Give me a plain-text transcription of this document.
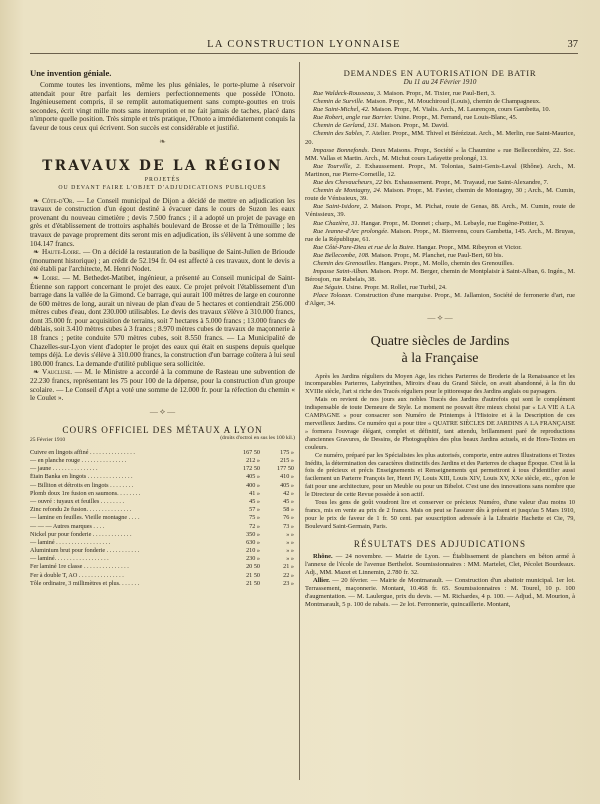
LA CONSTRUCTION LYONNAISE	37
Une invention géniale.
Comme toutes les inventions, même les plus géniales, le porte-plume à réservoir attendait pour être parfait les derniers perfectionnements que possède l'Onoto. Ingénieusement compris, il se remplit automatiquement sans compte-gouttes en trois secondes, écrit vingt mille mots sans interruption et ne fait jamais de taches, placé dans n'importe quelle position. Très simple et très pratique, l'Onoto a immédiatement conquis la faveur de tous ceux qui écrivent. Son succès est considérable et justifié.
❧
TRAVAUX DE LA RÉGION
PROJETÉS
OU DEVANT FAIRE L'OBJET D'ADJUDICATIONS PUBLIQUES
❧ Côte-d'Or. — Le Conseil municipal de Dijon a décidé de mettre en adjudication les travaux de construction d'un égout destiné à évacuer dans le cours de Suzon les eaux provenant du nouveau cimetière ; devis 7.500 francs ; il a adopté un projet de pavage en grès et d'établissement de trottoirs asphaltés boulevard de Brosse et de la Trémouille ; les travaux de pavage proprement dits seront mis en adjudication, ils s'élèvent à une somme de 104.147 francs.
❧ Haute-Loire. — On a décidé la restauration de la basilique de Saint-Julien de Brioude (monument historique) ; an crédit de 52.194 fr. 04 est affecté à ces travaux, dont le devis a été établi par l'architecte, M. Henri Nodet.
❧ Loire. — M. Bethedet-Matibet, ingénieur, a présenté au Conseil municipal de Saint-Étienne son rapport concernant le projet des eaux. Ce projet prévoit l'établissement d'un barrage dans la vallée de la Gimond. Ce barrage, qui aurait 100 mètres de large en couronne de 600 mètres de long, aurait un niveau de plan d'eau de 5 hectares et contiendrait 256.000 mètres cubes d'eau, dont 230.000 utilisables. Le devis des travaux s'élève à 310.000 francs, dont 35.000 fr. pour acquisition de terrains, soit 7 hectares à 5.000 francs ; 13.000 francs de déblais, soit 3.410 mètres cubes à 3 francs ; 8.970 mètres cubes de travaux de maçonnerie à 18 francs ; petite conduite 570 mètres cubes, soit 8.550 francs. — La Municipalité de Chazelles-sur-Lyon vient d'adopter le projet des eaux qui était en suspens depuis quelque temps déjà. Le devis s'élève à 310.000 francs, la construction d'un barrage coûtera à lui seul 180.000 francs. La demande d'utilité publique sera sollicitée.
❧ Vaucluse. — M. le Ministre a accordé à la commune de Rasteau une subvention de 22.230 francs, représentant les 75 pour 100 de la dépense, pour la construction d'un groupe scolaire. — Le Conseil d'Apt a voté une somme de 12.000 fr. pour la réfection du chemin « le Coulet ».
— ⟡ —
COURS OFFICIEL DES MÉTAUX A LYON
25 Février 1910	(droits d'octroi en sus les 100 kil.)
Cuivre en lingots affiné . . . . . . . . . . . . . . .	167 50	175 »
— en planche rouge . . . . . . . . . . . . . . .	212 »	215 »
— jaune . . . . . . . . . . . . . . .	172 50	177 50
Étain Banka en lingots . . . . . . . . . . . . . . .	405 »	410 »
— Billiton et détroits en lingots . . . . . . . .	400 »	405 »
Plomb doux 1re fusion en saumons. . . . . . . .	41 »	42 »
— ouvré : tuyaux et feuilles . . . . . . . .	45 »	45 »
Zinc refondu 2e fusion. . . . . . . . . . . . . . .	57 »	58 »
— lamine en feuilles. Vieille montagne . . . .	75 »	76 »
— — — Autres marques . . . .	72 »	73 »
Nickel pur pour fonderie . . . . . . . . . . . . .	350 »	» »
— laminé . . . . . . . . . . . . . . . . . .	630 »	» »
Aluminium brut pour fonderie . . . . . . . . . . .	210 »	» »
— laminé. . . . . . . . . . . . . . . . . .	230 »	» »
Fer laminé 1re classe . . . . . . . . . . . . . . .	20 50	21 »
Fer à double T, AO . . . . . . . . . . . . . . .	21 50	22 »
Tôle ordinaire, 3 millimètres et plus. . . . . . .	21 50	23 »
DEMANDES EN AUTORISATION DE BATIR
Du 11 au 24 Février 1910
Rue Waldeck-Rousseau, 3. Maison. Propr., M. Tixier, rue Paul-Bert, 3.
Chemin de Surville. Maison. Propr., M. Mouchiroud (Louis), chemin de Champagneux.
Rue Saint-Michel, 42. Maison. Propr., M. Vialis. Arch., M. Laurençon, cours Gambetta, 10.
Rue Robert, angle rue Barrier. Usine. Propr., M. Ferrand, rue Louis-Blanc, 45.
Chemin de Gerland, 131. Maison. Propr., M. David.
Chemin des Sables, 7. Atelier. Propr., MM. Thivel et Bérézizat. Arch., M. Merlin, rue Saint-Maurice, 20.
Impasse Bonnefonds. Deux Maisons. Propr., Société « la Chaumine » rue Bellecordière, 22. Soc. MM. Vallas et Martin. Arch., M. Michut cours Lafayette prolongé, 13.
Rue Tourville, 2. Exhaussement. Propr., M. Tolonias, Saint-Genis-Laval (Rhône). Arch., M. Martinon, rue Pierre-Corneille, 12.
Rue des Chevaucheurs, 22 bis. Exhaussement. Propr., M. Trayaud, rue Saint-Alexandre, 7.
Chemin de Montagny, 24. Maison. Propr., M. Favier, chemin de Montagny, 30 ; Arch., M. Cumin, route de Vénissieux, 39.
Rue Saint-Isidore, 2. Maison. Propr., M. Pichat, route de Genas, 88. Arch., M. Cumin, route de Vénissieux, 39.
Rue Chazière, 31. Hangar. Propr., M. Donnet ; charp., M. Lebayle, rue Eugène-Pottier, 3.
Rue Jeanne-d'Arc prolongée. Maison. Propr., M. Bienvenu, cours Gambetta, 145. Arch., M. Bruyas, rue de la République, 61.
Rue Côté-Pare-Dieu et rue de la Buire. Hangar. Propr., MM. Ribeyron et Victor.
Rue Bellecombe, 108. Maison. Propr., M. Planchet, rue Paul-Bert, 60 bis.
Chemin des Grenouilles. Hangars. Propr., M. Mollo, chemin des Grenouilles.
Impasse Saint-Alban. Maison. Propr. M. Berger, chemin de Montplaisir à Saint-Alban, 6. Ingén., M. Béroujon, rue Rabelais, 38.
Rue Séguin. Usine. Propr. M. Rollet, rue Turbil, 24.
Place Tolozan. Construction d'une marquise. Propr., M. Jallamion, Société de ferronerie d'art, rue d'Alger, 34.
— ⟡ —
Quatre siècles de Jardins
à la Française
Après les Jardins réguliers du Moyen Age, les riches Parterres de Broderie de la Renaissance et les incomparables Parterres, Labyrinthes, Miroirs d'eau du Grand Siècle, on avait abandonné, à la fin du XVIIIe siècle, l'art si riche des Tracés réguliers pour le pittoresque des Jardins anglais ou paysagers.
Mais on revient de nos jours aux nobles Tracés des Jardins d'autrefois qui sont le complément indispensable de toute Demeure de Style. Le moment ne pouvait être mieux choisi par « LA VIE A LA CAMPAGNE » pour consacrer son Numéro de Printemps à l'Histoire et à la Description de ces merveilleux Jardins. Ce numéro qui a pour titre « QUATRE SIÈCLES DE JARDINS A LA FRANÇAISE » formera l'ouvrage élégant, complet et définitif, tant attendu, brillamment paré de reproductions d'anciennes Gravures, de Dessins, de Photographies des plus beaux Jardins actuels, et de Hors-Textes en couleurs.
Ce numéro, préparé par les Spécialistes les plus autorisés, comporte, entre autres Illustrations et Textes Inédits, la détermination des caractères distinctifs des Jardins et des Parterres de chaque Époque. C'est là la fois de précieux et précis Enseignements et Renseignements qui permettront à tous d'identifier aussi facilement un Parterre François Ier, Henri IV, Louis XIII, Louis XIV, Louis XV, XXe siècle, etc., qu'on le fait pour une architecture, pour un Meuble ou pour un Bibelot. C'est une des innovations sans nombre que le Directeur de cette Revue possède à son actif.
Tous les gens de goût voudront lire et conserver ce précieux Numéro, d'une valeur d'au moins 10 francs, mis en vente au prix de 2 francs. Mais on peut se l'assurer dès à présent et jusqu'au 5 Mars 1910, pour le prix de faveur de 1 fr. 50 cent. par souscription adressée à la Librairie Hachette et Cie, 79, Boulevard Saint-Germain, Paris.
RÉSULTATS DES ADJUDICATIONS
Rhône. — 24 novembre. — Mairie de Lyon. — Établissement de planchers en béton armé à l'annexe de l'école de l'avenue Berthelot. Soumissionnaires : MM. Martelet, Clet, Pécolet Bourdeaux. Adj., MM. Mazet et Linnemin, 2.780 fr. 32.
Allier. — 20 février. — Mairie de Montmarault. — Construction d'un abattoir municipal. 1er lot. Terrassement, maçonnerie. Montant, 10.468 fr. 65. Soumissionnaires : M. Tourel, 10 p. 100 d'augmentation. — M. Laulergue, prix du devis. — M. Richardes, 4 p. 100. — Adjud., M. Mourion, à Montmarault, 5 p. 100 de rabais. — 2e lot. Ferronnerie, quincaillerie. Montant,
